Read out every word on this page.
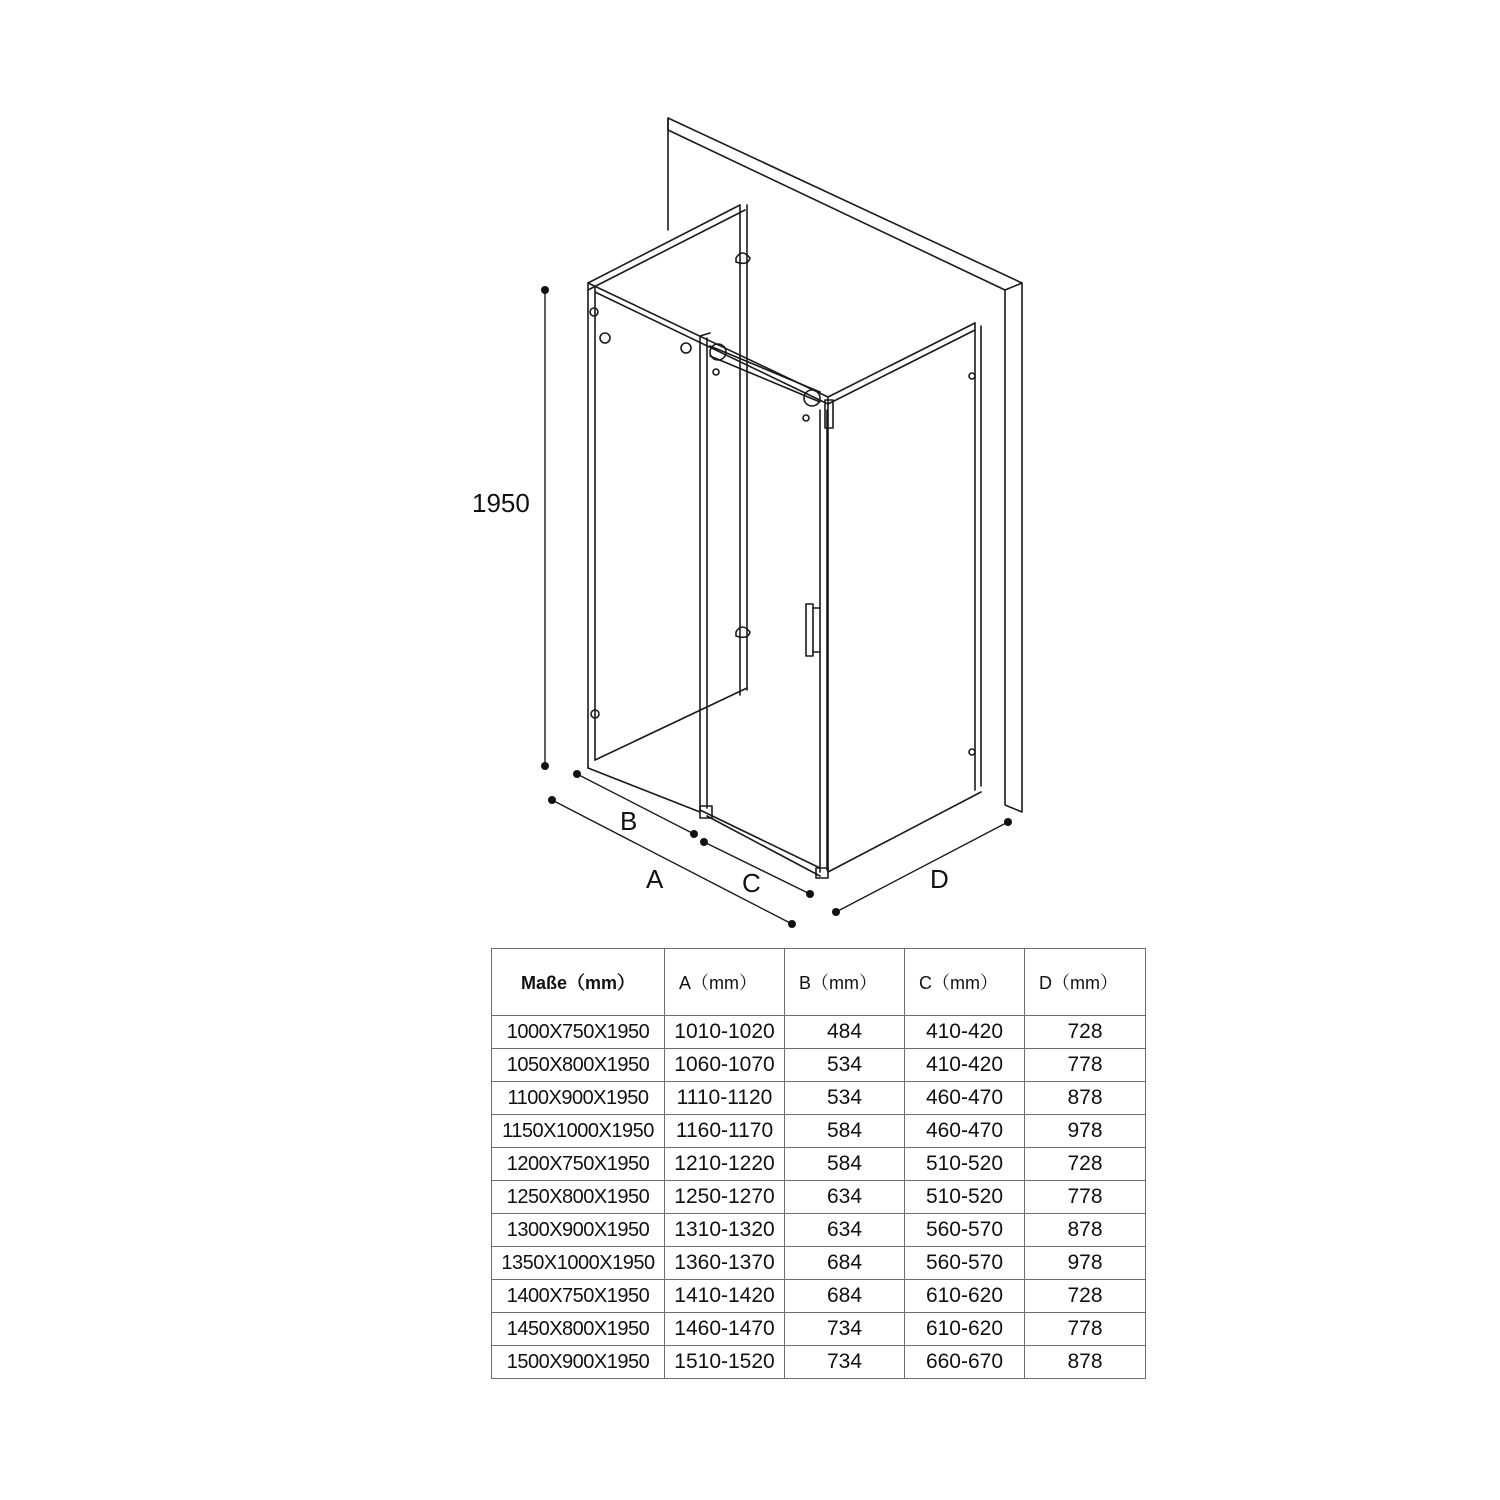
1950
B
A	C	D
Maße（mm）	A（mm）	B（mm）	C（mm）	D（mm）
1000X750X1950	1010-1020	484	410-420	728
1050X800X1950	1060-1070	534	410-420	778
1100X900X1950	1110-1120	534	460-470	878
1150X1000X1950	1160-1170	584	460-470	978
1200X750X1950	1210-1220	584	510-520	728
1250X800X1950	1250-1270	634	510-520	778
1300X900X1950	1310-1320	634	560-570	878
1350X1000X1950	1360-1370	684	560-570	978
1400X750X1950	1410-1420	684	610-620	728
1450X800X1950	1460-1470	734	610-620	778
1500X900X1950	1510-1520	734	660-670	878
